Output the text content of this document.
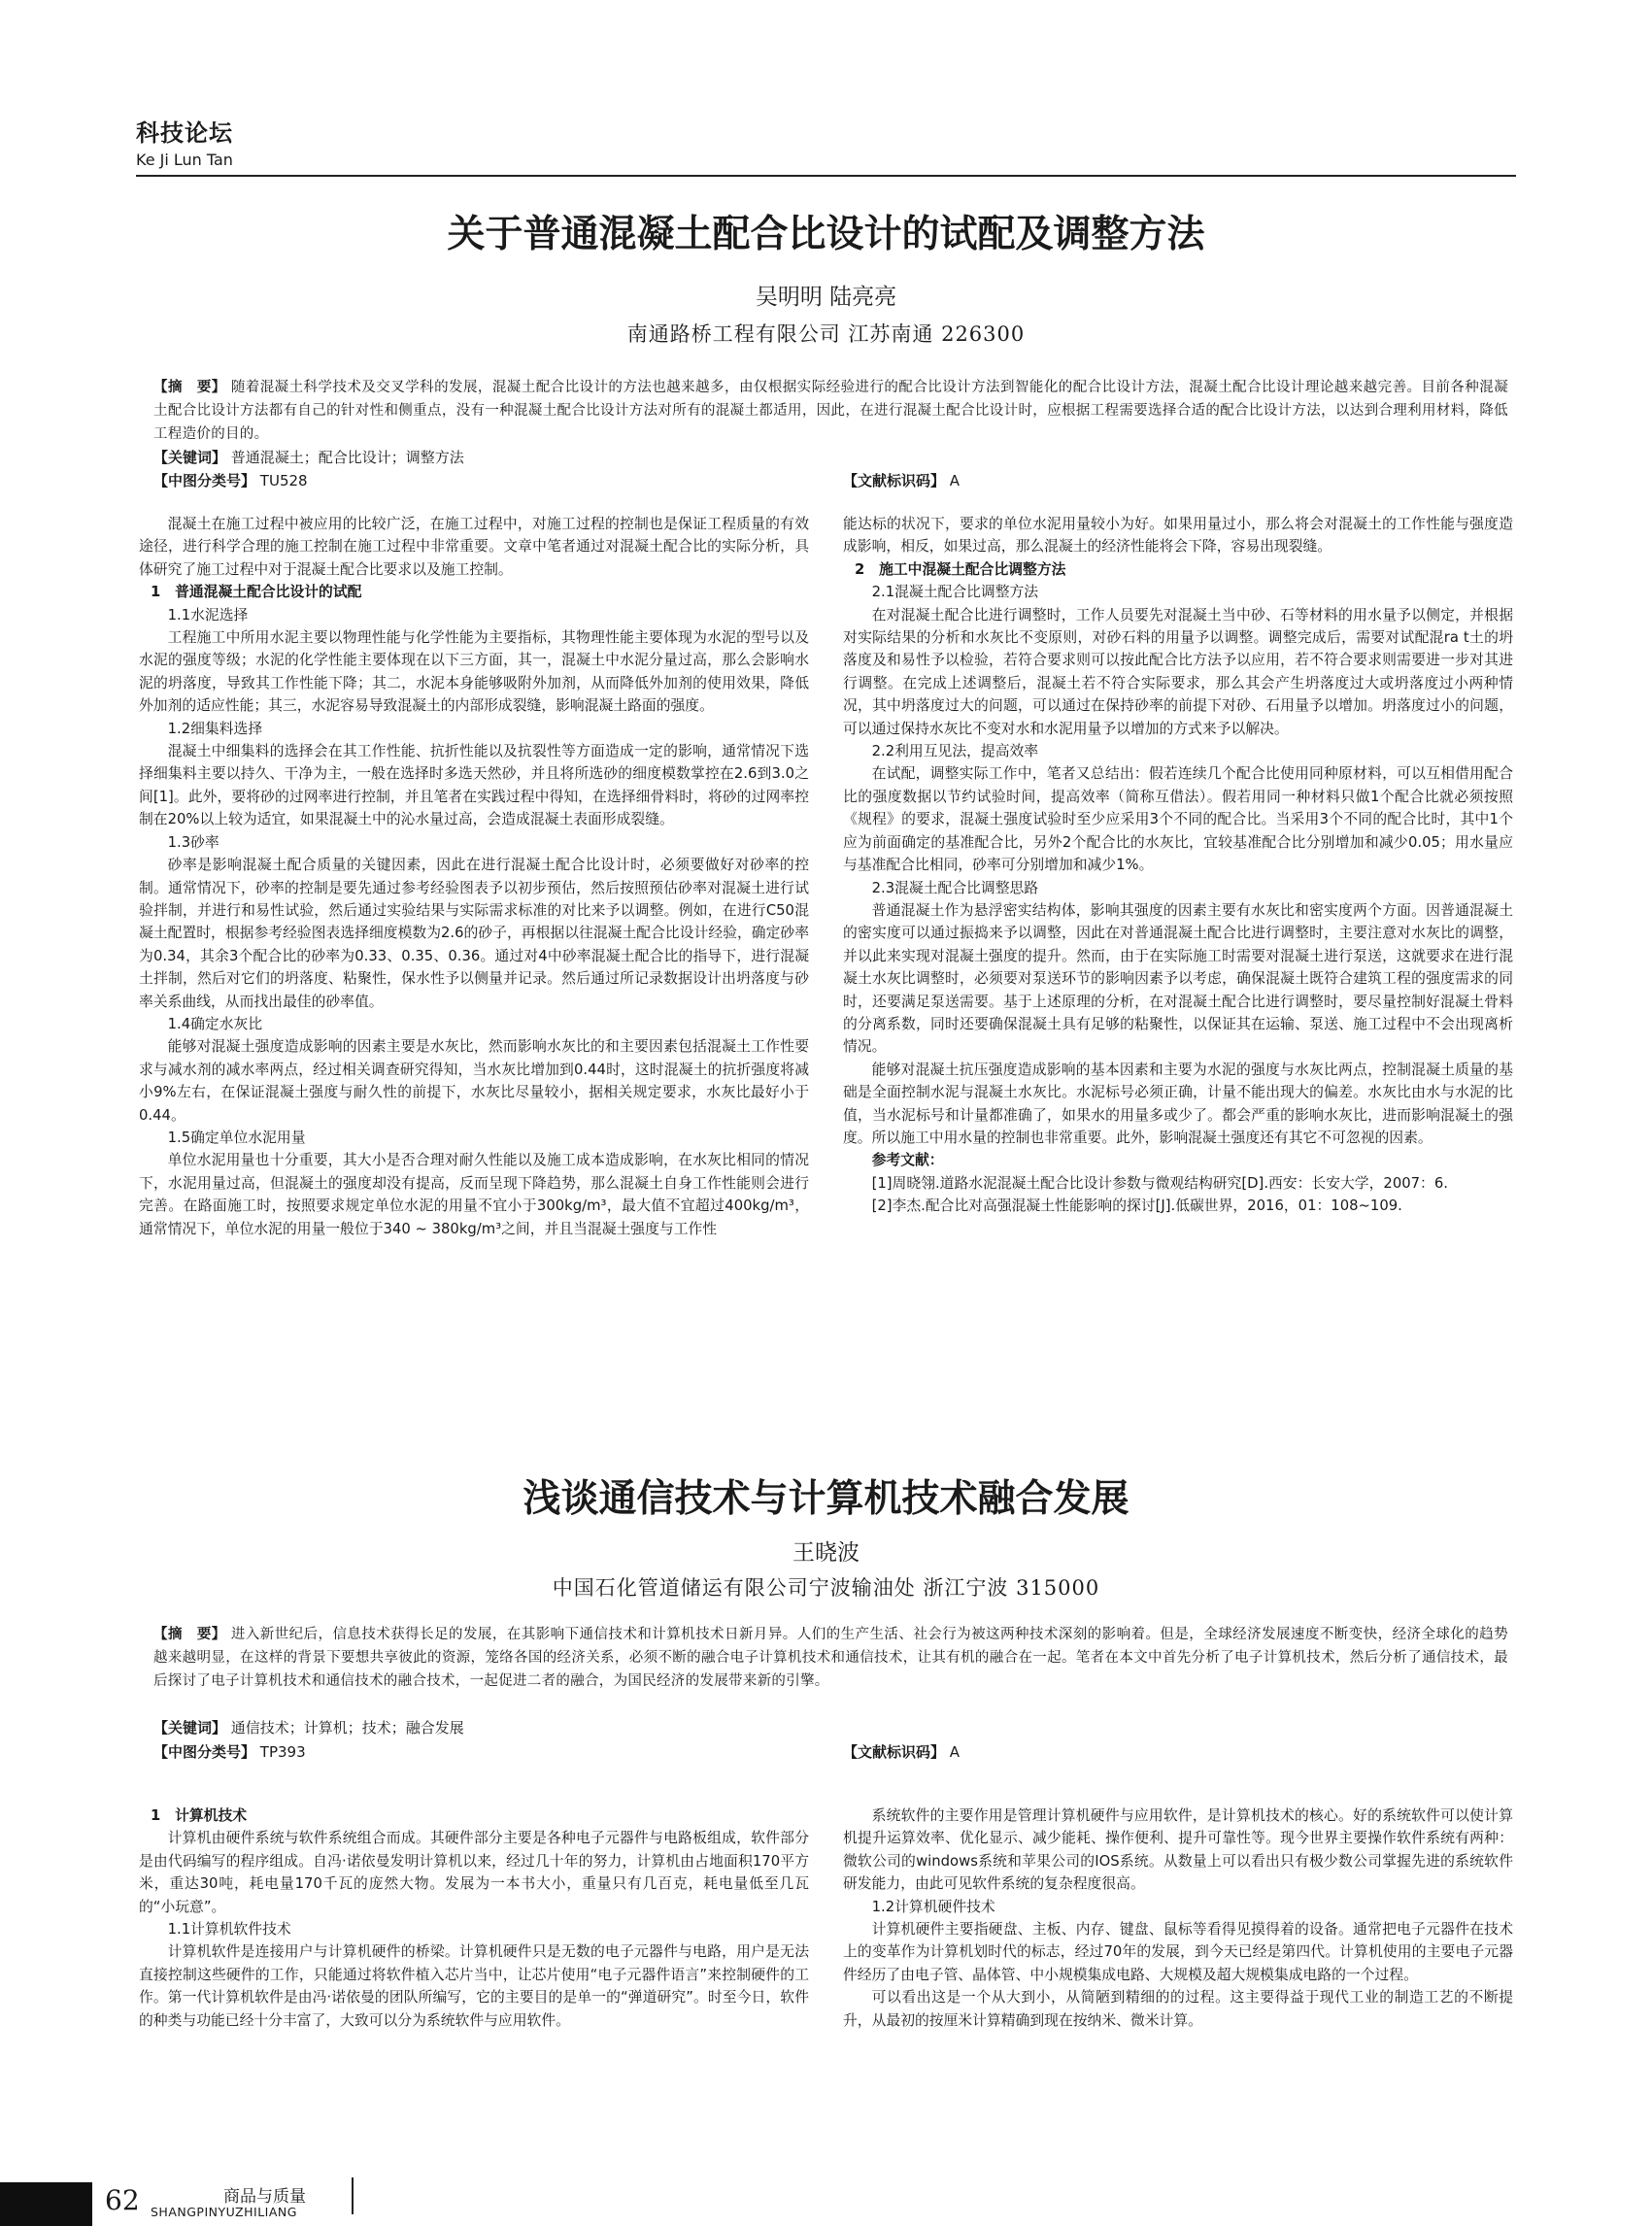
科技论坛
Ke Ji Lun Tan
关于普通混凝土配合比设计的试配及调整方法
吴明明 陆亮亮
南通路桥工程有限公司 江苏南通 226300
【摘　要】 随着混凝土科学技术及交叉学科的发展，混凝土配合比设计的方法也越来越多，由仅根据实际经验进行的配合比设计方法到智能化的配合比设计方法，混凝土配合比设计理论越来越完善。目前各种混凝土配合比设计方法都有自己的针对性和侧重点，没有一种混凝土配合比设计方法对所有的混凝土都适用，因此，在进行混凝土配合比设计时，应根据工程需要选择合适的配合比设计方法，以达到合理利用材料，降低工程造价的目的。
【关键词】 普通混凝土；配合比设计；调整方法
【中图分类号】 TU528	【文献标识码】 A

混凝土在施工过程中被应用的比较广泛，在施工过程中，对施工过程的控制也是保证工程质量的有效途径，进行科学合理的施工控制在施工过程中非常重要。文章中笔者通过对混凝土配合比的实际分析，具体研究了施工过程中对于混凝土配合比要求以及施工控制。

1　普通混凝土配合比设计的试配

1.1水泥选择

工程施工中所用水泥主要以物理性能与化学性能为主要指标，其物理性能主要体现为水泥的型号以及水泥的强度等级；水泥的化学性能主要体现在以下三方面，其一，混凝土中水泥分量过高，那么会影响水泥的坍落度，导致其工作性能下降；其二，水泥本身能够吸附外加剂，从而降低外加剂的使用效果，降低外加剂的适应性能；其三，水泥容易导致混凝土的内部形成裂缝，影响混凝土路面的强度。

1.2细集料选择

混凝土中细集料的选择会在其工作性能、抗折性能以及抗裂性等方面造成一定的影响，通常情况下选择细集料主要以持久、干净为主，一般在选择时多选天然砂，并且将所选砂的细度模数掌控在2.6到3.0之间[1]。此外，要将砂的过网率进行控制，并且笔者在实践过程中得知，在选择细骨料时，将砂的过网率控制在20%以上较为适宜，如果混凝土中的沁水量过高，会造成混凝土表面形成裂缝。

1.3砂率

砂率是影响混凝土配合质量的关键因素，因此在进行混凝土配合比设计时，必须要做好对砂率的控制。通常情况下，砂率的控制是要先通过参考经验图表予以初步预估，然后按照预估砂率对混凝土进行试验拌制，并进行和易性试验，然后通过实验结果与实际需求标准的对比来予以调整。例如，在进行C50混凝土配置时，根据参考经验图表选择细度模数为2.6的砂子，再根据以往混凝土配合比设计经验，确定砂率为0.34，其余3个配合比的砂率为0.33、0.35、0.36。通过对4中砂率混凝土配合比的指导下，进行混凝土拌制，然后对它们的坍落度、粘聚性，保水性予以侧量并记录。然后通过所记录数据设计出坍落度与砂率关系曲线，从而找出最佳的砂率值。

1.4确定水灰比

能够对混凝土强度造成影响的因素主要是水灰比，然而影响水灰比的和主要因素包括混凝土工作性要求与减水剂的减水率两点，经过相关调查研究得知，当水灰比增加到0.44时，这时混凝土的抗折强度将减小9%左右，在保证混凝土强度与耐久性的前提下，水灰比尽量较小，据相关规定要求，水灰比最好小于0.44。

1.5确定单位水泥用量

单位水泥用量也十分重要，其大小是否合理对耐久性能以及施工成本造成影响，在水灰比相同的情况下，水泥用量过高，但混凝土的强度却没有提高，反而呈现下降趋势，那么混凝土自身工作性能则会进行完善。在路面施工时，按照要求规定单位水泥的用量不宜小于300kg/m³，最大值不宜超过400kg/m³，通常情况下，单位水泥的用量一般位于340 ~ 380kg/m³之间，并且当混凝土强度与工作性

能达标的状况下，要求的单位水泥用量较小为好。如果用量过小，那么将会对混凝土的工作性能与强度造成影响，相反，如果过高，那么混凝土的经济性能将会下降，容易出现裂缝。

2　施工中混凝土配合比调整方法

2.1混凝土配合比调整方法

在对混凝土配合比进行调整时，工作人员要先对混凝土当中砂、石等材料的用水量予以侧定，并根据对实际结果的分析和水灰比不变原则，对砂石料的用量予以调整。调整完成后，需要对试配混ra t土的坍落度及和易性予以检验，若符合要求则可以按此配合比方法予以应用，若不符合要求则需要进一步对其进行调整。在完成上述调整后，混凝土若不符合实际要求，那么其会产生坍落度过大或坍落度过小两种情况，其中坍落度过大的问题，可以通过在保持砂率的前提下对砂、石用量予以增加。坍落度过小的问题，可以通过保持水灰比不变对水和水泥用量予以增加的方式来予以解决。

2.2利用互见法，提高效率

在试配，调整实际工作中，笔者又总结出：假若连续几个配合比使用同种原材料，可以互相借用配合比的强度数据以节约试验时间，提高效率（简称互借法）。假若用同一种材料只做1个配合比就必须按照《规程》的要求，混凝土强度试验时至少应采用3个不同的配合比。当采用3个不同的配合比时，其中1个应为前面确定的基准配合比，另外2个配合比的水灰比，宜较基准配合比分别增加和减少0.05；用水量应与基准配合比相同，砂率可分别增加和减少1%。

2.3混凝土配合比调整思路

普通混凝土作为悬浮密实结构体，影响其强度的因素主要有水灰比和密实度两个方面。因普通混凝土的密实度可以通过振捣来予以调整，因此在对普通混凝土配合比进行调整时，主要注意对水灰比的调整，并以此来实现对混凝土强度的提升。然而，由于在实际施工时需要对混凝土进行泵送，这就要求在进行混凝土水灰比调整时，必须要对泵送环节的影响因素予以考虑，确保混凝土既符合建筑工程的强度需求的同时，还要满足泵送需要。基于上述原理的分析，在对混凝土配合比进行调整时，要尽量控制好混凝土骨料的分离系数，同时还要确保混凝土具有足够的粘聚性，以保证其在运输、泵送、施工过程中不会出现离析情况。

能够对混凝土抗压强度造成影响的基本因素和主要为水泥的强度与水灰比两点，控制混凝土质量的基础是全面控制水泥与混凝土水灰比。水泥标号必须正确，计量不能出现大的偏差。水灰比由水与水泥的比值，当水泥标号和计量都准确了，如果水的用量多或少了。都会严重的影响水灰比，进而影响混凝土的强度。所以施工中用水量的控制也非常重要。此外，影响混凝土强度还有其它不可忽视的因素。

参考文献：

[1]周晓翎.道路水泥混凝土配合比设计参数与微观结构研究[D].西安：长安大学，2007：6.

[2]李杰.配合比对高强混凝土性能影响的探讨[J].低碳世界，2016，01：108~109.

浅谈通信技术与计算机技术融合发展
王晓波
中国石化管道储运有限公司宁波输油处 浙江宁波 315000
【摘　要】 进入新世纪后，信息技术获得长足的发展，在其影响下通信技术和计算机技术日新月异。人们的生产生活、社会行为被这两种技术深刻的影响着。但是，全球经济发展速度不断变快，经济全球化的趋势越来越明显，在这样的背景下要想共享彼此的资源，笼络各国的经济关系，必须不断的融合电子计算机技术和通信技术，让其有机的融合在一起。笔者在本文中首先分析了电子计算机技术，然后分析了通信技术，最后探讨了电子计算机技术和通信技术的融合技术，一起促进二者的融合，为国民经济的发展带来新的引擎。
【关键词】 通信技术；计算机；技术；融合发展
【中图分类号】 TP393	【文献标识码】 A

1　计算机技术

计算机由硬件系统与软件系统组合而成。其硬件部分主要是各种电子元器件与电路板组成，软件部分是由代码编写的程序组成。自冯·诺依曼发明计算机以来，经过几十年的努力，计算机由占地面积170平方米，重达30吨，耗电量170千瓦的庞然大物。发展为一本书大小，重量只有几百克，耗电量低至几瓦的“小玩意”。

1.1计算机软件技术

计算机软件是连接用户与计算机硬件的桥梁。计算机硬件只是无数的电子元器件与电路，用户是无法直接控制这些硬件的工作，只能通过将软件植入芯片当中，让芯片使用“电子元器件语言”来控制硬件的工作。第一代计算机软件是由冯·诺依曼的团队所编写，它的主要目的是单一的“弹道研究”。时至今日，软件的种类与功能已经十分丰富了，大致可以分为系统软件与应用软件。

系统软件的主要作用是管理计算机硬件与应用软件，是计算机技术的核心。好的系统软件可以使计算机提升运算效率、优化显示、减少能耗、操作便利、提升可靠性等。现今世界主要操作软件系统有两种：微软公司的windows系统和苹果公司的IOS系统。从数量上可以看出只有极少数公司掌握先进的系统软件研发能力，由此可见软件系统的复杂程度很高。

1.2计算机硬件技术

计算机硬件主要指硬盘、主板、内存、键盘、鼠标等看得见摸得着的设备。通常把电子元器件在技术上的变革作为计算机划时代的标志，经过70年的发展，到今天已经是第四代。计算机使用的主要电子元器件经历了由电子管、晶体管、中小规模集成电路、大规模及超大规模集成电路的一个过程。

可以看出这是一个从大到小，从简陋到精细的的过程。这主要得益于现代工业的制造工艺的不断提升，从最初的按厘米计算精确到现在按纳米、微米计算。

62	商品与质量
SHANGPINYUZHILIANG
